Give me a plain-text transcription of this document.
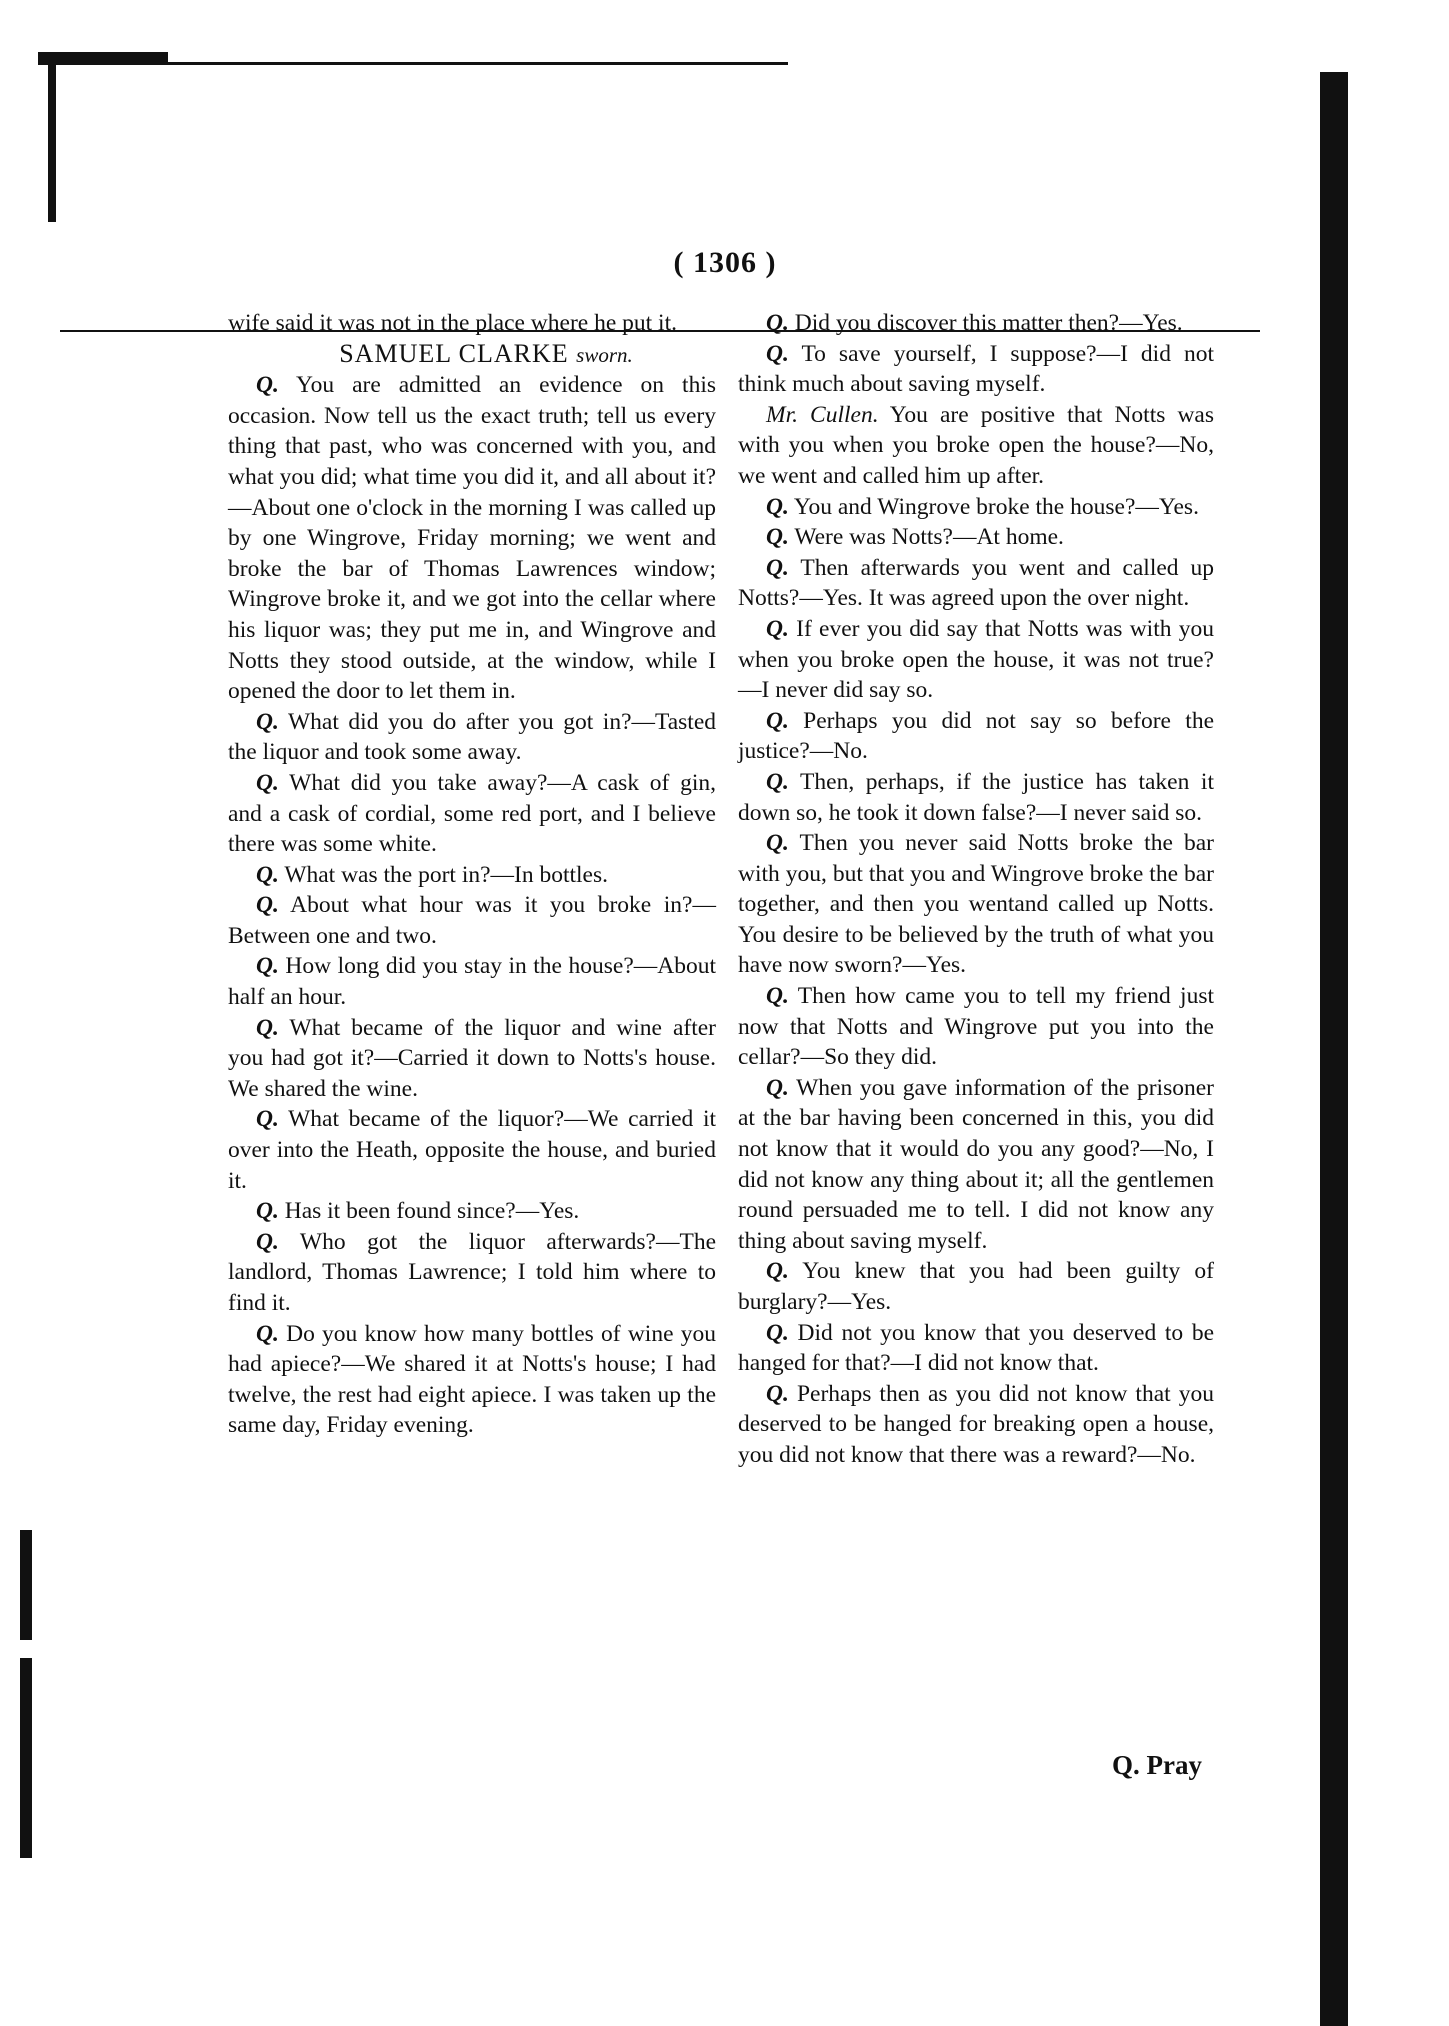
( 1306 )

wife said it was not in the place where he put it.

SAMUEL CLARKE sworn.

Q. You are admitted an evidence on this occasion. Now tell us the exact truth; tell us every thing that past, who was concerned with you, and what you did; what time you did it, and all about it?—About one o'clock in the morning I was called up by one Wingrove, Friday morning; we went and broke the bar of Thomas Lawrences window; Wingrove broke it, and we got into the cellar where his liquor was; they put me in, and Wingrove and Notts they stood outside, at the window, while I opened the door to let them in.

Q. What did you do after you got in?—Tasted the liquor and took some away.

Q. What did you take away?—A cask of gin, and a cask of cordial, some red port, and I believe there was some white.

Q. What was the port in?—In bottles.

Q. About what hour was it you broke in?—Between one and two.

Q. How long did you stay in the house?—About half an hour.

Q. What became of the liquor and wine after you had got it?—Carried it down to Notts's house. We shared the wine.

Q. What became of the liquor?—We carried it over into the Heath, opposite the house, and buried it.

Q. Has it been found since?—Yes.

Q. Who got the liquor afterwards?—The landlord, Thomas Lawrence; I told him where to find it.

Q. Do you know how many bottles of wine you had apiece?—We shared it at Notts's house; I had twelve, the rest had eight apiece. I was taken up the same day, Friday evening.

Q. Did you discover this matter then?—Yes.

Q. To save yourself, I suppose?—I did not think much about saving myself.

Mr. Cullen. You are positive that Notts was with you when you broke open the house?—No, we went and called him up after.

Q. You and Wingrove broke the house?—Yes.

Q. Were was Notts?—At home.

Q. Then afterwards you went and called up Notts?—Yes. It was agreed upon the over night.

Q. If ever you did say that Notts was with you when you broke open the house, it was not true?—I never did say so.

Q. Perhaps you did not say so before the justice?—No.

Q. Then, perhaps, if the justice has taken it down so, he took it down false?—I never said so.

Q. Then you never said Notts broke the bar with you, but that you and Wingrove broke the bar together, and then you wentand called up Notts. You desire to be believed by the truth of what you have now sworn?—Yes.

Q. Then how came you to tell my friend just now that Notts and Wingrove put you into the cellar?—So they did.

Q. When you gave information of the prisoner at the bar having been concerned in this, you did not know that it would do you any good?—No, I did not know any thing about it; all the gentlemen round persuaded me to tell. I did not know any thing about saving myself.

Q. You knew that you had been guilty of burglary?—Yes.

Q. Did not you know that you deserved to be hanged for that?—I did not know that.

Q. Perhaps then as you did not know that you deserved to be hanged for breaking open a house, you did not know that there was a reward?—No.

Q. Pray
